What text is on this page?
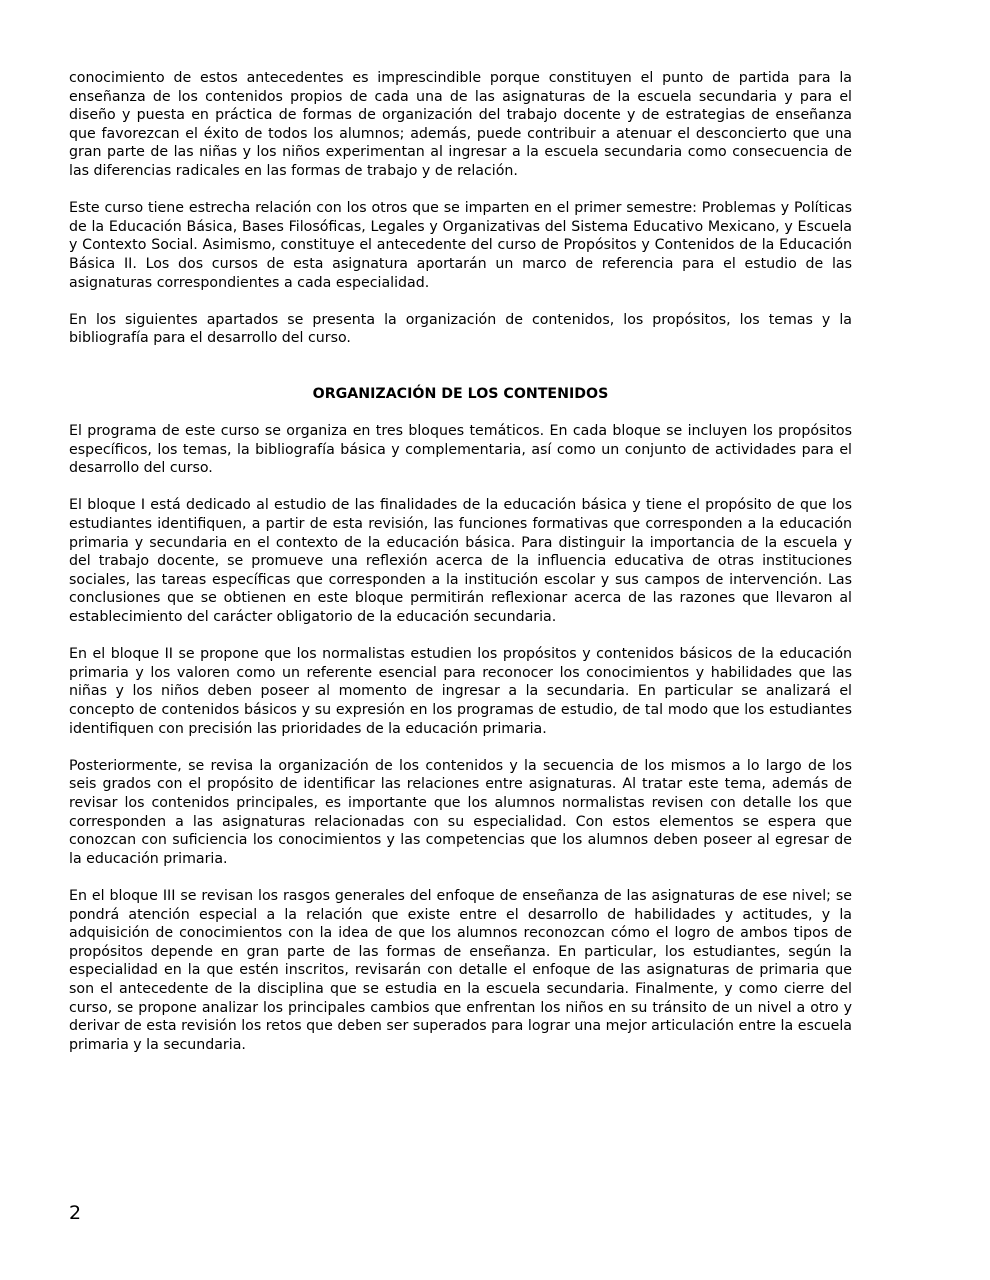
conocimiento de estos antecedentes es imprescindible porque constituyen el punto de partida para la enseñanza de los contenidos propios de cada una de las asignaturas de la escuela secundaria y para el diseño y puesta en práctica de formas de organización del trabajo docente y de estrategias de enseñanza que favorezcan el éxito de todos los alumnos; además, puede contribuir a atenuar el desconcierto que una gran parte de las niñas y los niños experimentan al ingresar a la escuela secundaria como consecuencia de las diferencias radicales en las formas de trabajo y de relación.

Este curso tiene estrecha relación con los otros que se imparten en el primer semestre: Problemas y Políticas de la Educación Básica, Bases Filosóficas, Legales y Organizativas del Sistema Educativo Mexicano, y Escuela y Contexto Social. Asimismo, constituye el antecedente del curso de Propósitos y Contenidos de la Educación Básica II. Los dos cursos de esta asignatura aportarán un marco de referencia para el estudio de las asignaturas correspondientes a cada especialidad.

En los siguientes apartados se presenta la organización de contenidos, los propósitos, los temas y la bibliografía para el desarrollo del curso.

ORGANIZACIÓN DE LOS CONTENIDOS

El programa de este curso se organiza en tres bloques temáticos. En cada bloque se incluyen los propósitos específicos, los temas, la bibliografía básica y complementaria, así como un conjunto de actividades para el desarrollo del curso.

El bloque I está dedicado al estudio de las finalidades de la educación básica y tiene el propósito de que los estudiantes identifiquen, a partir de esta revisión, las funciones formativas que corresponden a la educación primaria y secundaria en el contexto de la educación básica. Para distinguir la importancia de la escuela y del trabajo docente, se promueve una reflexión acerca de la influencia educativa de otras instituciones sociales, las tareas específicas que corresponden a la institución escolar y sus campos de intervención. Las conclusiones que se obtienen en este bloque permitirán reflexionar acerca de las razones que llevaron al establecimiento del carácter obligatorio de la educación secundaria.

En el bloque II se propone que los normalistas estudien los propósitos y contenidos básicos de la educación primaria y los valoren como un referente esencial para reconocer los conocimientos y habilidades que las niñas y los niños deben poseer al momento de ingresar a la secundaria. En particular se analizará el concepto de contenidos básicos y su expresión en los programas de estudio, de tal modo que los estudiantes identifiquen con precisión las prioridades de la educación primaria.

Posteriormente, se revisa la organización de los contenidos y la secuencia de los mismos a lo largo de los seis grados con el propósito de identificar las relaciones entre asignaturas. Al tratar este tema, además de revisar los contenidos principales, es importante que los alumnos normalistas revisen con detalle los que corresponden a las asignaturas relacionadas con su especialidad. Con estos elementos se espera que conozcan con suficiencia los conocimientos y las competencias que los alumnos deben poseer al egresar de la educación primaria.

En el bloque III se revisan los rasgos generales del enfoque de enseñanza de las asignaturas de ese nivel; se pondrá atención especial a la relación que existe entre el desarrollo de habilidades y actitudes, y la adquisición de conocimientos con la idea de que los alumnos reconozcan cómo el logro de ambos tipos de propósitos depende en gran parte de las formas de enseñanza. En particular, los estudiantes, según la especialidad en la que estén inscritos, revisarán con detalle el enfoque de las asignaturas de primaria que son el antecedente de la disciplina que se estudia en la escuela secundaria. Finalmente, y como cierre del curso, se propone analizar los principales cambios que enfrentan los niños en su tránsito de un nivel a otro y derivar de esta revisión los retos que deben ser superados para lograr una mejor articulación entre la escuela primaria y la secundaria.

2
